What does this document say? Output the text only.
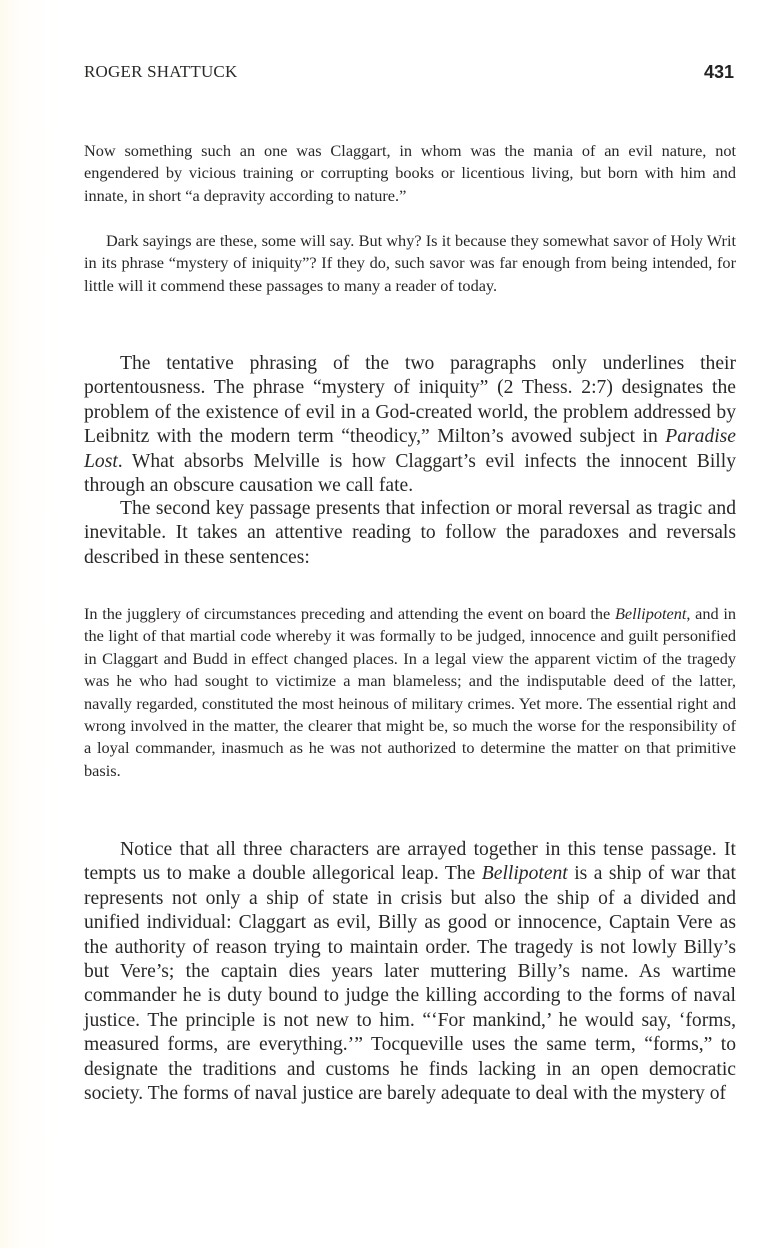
ROGER SHATTUCK	431

Now something such an one was Claggart, in whom was the mania of an evil nature, not engendered by vicious training or corrupting books or licentious living, but born with him and innate, in short “a depravity according to nature.”

Dark sayings are these, some will say. But why? Is it because they somewhat savor of Holy Writ in its phrase “mystery of iniquity”? If they do, such savor was far enough from being intended, for little will it commend these passages to many a reader of today.

The tentative phrasing of the two paragraphs only underlines their portentousness. The phrase “mystery of iniquity” (2 Thess. 2:7) designates the problem of the existence of evil in a God-created world, the problem addressed by Leibnitz with the modern term “theodicy,” Milton’s avowed subject in Paradise Lost. What absorbs Melville is how Claggart’s evil infects the innocent Billy through an obscure causation we call fate.

The second key passage presents that infection or moral reversal as tragic and inevitable. It takes an attentive reading to follow the paradoxes and reversals described in these sentences:

In the jugglery of circumstances preceding and attending the event on board the Bellipotent, and in the light of that martial code whereby it was formally to be judged, innocence and guilt personified in Claggart and Budd in effect changed places. In a legal view the apparent victim of the tragedy was he who had sought to victimize a man blameless; and the indisputable deed of the latter, navally regarded, constituted the most heinous of military crimes. Yet more. The essential right and wrong involved in the matter, the clearer that might be, so much the worse for the responsibility of a loyal commander, inasmuch as he was not authorized to determine the matter on that primitive basis.

Notice that all three characters are arrayed together in this tense passage. It tempts us to make a double allegorical leap. The Bellipotent is a ship of war that represents not only a ship of state in crisis but also the ship of a divided and unified individual: Claggart as evil, Billy as good or innocence, Captain Vere as the authority of reason trying to maintain order. The tragedy is not lowly Billy’s but Vere’s; the captain dies years later muttering Billy’s name. As wartime commander he is duty bound to judge the killing according to the forms of naval justice. The principle is not new to him. “‘For mankind,’ he would say, ‘forms, measured forms, are everything.’” Tocqueville uses the same term, “forms,” to designate the traditions and customs he finds lacking in an open democratic society. The forms of naval justice are barely adequate to deal with the mystery of
